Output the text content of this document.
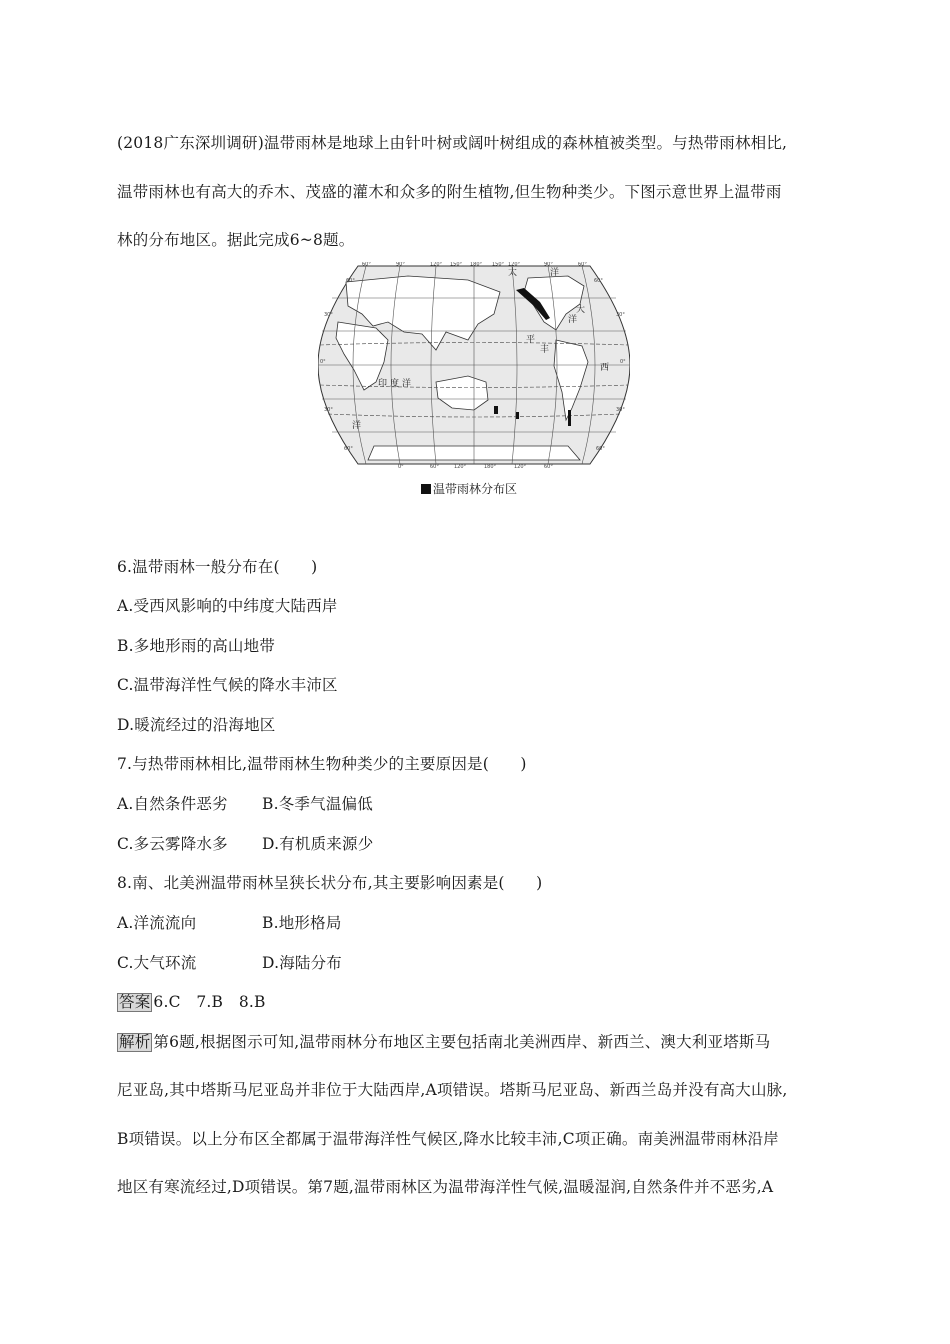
(2018广东深圳调研)温带雨林是地球上由针叶树或阔叶树组成的森林植被类型。与热带雨林相比,
温带雨林也有高大的乔木、茂盛的灌木和众多的附生植物,但生物种类少。下图示意世界上温带雨
林的分布地区。据此完成6~8题。
太	洋
大
洋
平
丰
西
印 度 洋
洋
60°
30°
0°
30°
60°
60°
30°
0°
30°
60°
60°	90°	120° 150° 180° 150° 120°	90°	60°
0°	60°	120°	180°	120°	60°
温带雨林分布区
6.温带雨林一般分布在(　　)
A.受西风影响的中纬度大陆西岸
B.多地形雨的高山地带
C.温带海洋性气候的降水丰沛区
D.暖流经过的沿海地区
7.与热带雨林相比,温带雨林生物种类少的主要原因是(　　)
A.自然条件恶劣 B.冬季气温偏低
C.多云雾降水多 D.有机质来源少
8.南、北美洲温带雨林呈狭长状分布,其主要影响因素是(　　)
A.洋流流向	B.地形格局
C.大气环流	D.海陆分布
答案 6.C　7.B　8.B
解析 第6题,根据图示可知,温带雨林分布地区主要包括南北美洲西岸、新西兰、澳大利亚塔斯马
尼亚岛,其中塔斯马尼亚岛并非位于大陆西岸,A项错误。塔斯马尼亚岛、新西兰岛并没有高大山脉,
B项错误。以上分布区全都属于温带海洋性气候区,降水比较丰沛,C项正确。南美洲温带雨林沿岸
地区有寒流经过,D项错误。第7题,温带雨林区为温带海洋性气候,温暖湿润,自然条件并不恶劣,A
